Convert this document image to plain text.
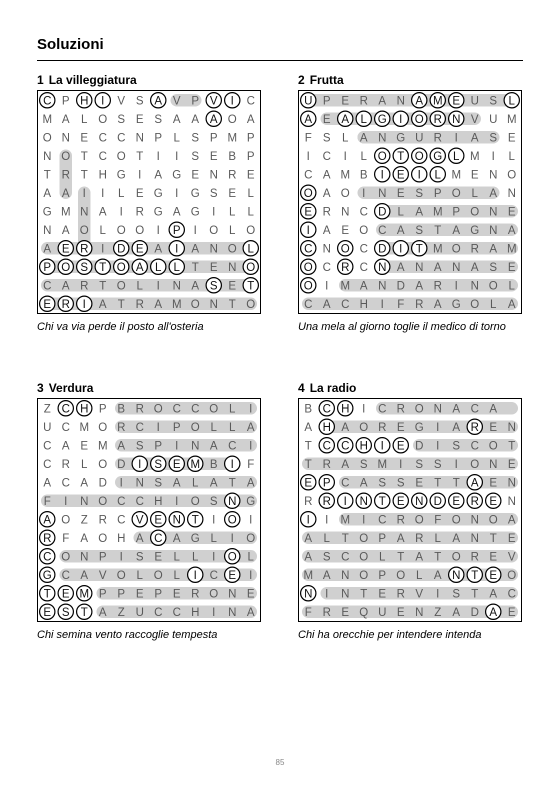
Soluzioni
1 La villeggiatura
C P H I V S A V P V I C
M A L O S E S A A A O A
O N E C C N P L S P M P
N O T C O T I I S E B P
T R T H G I A G E N R E
A A I I L E G I G S E L
G M N A I R G A G I L L
N A O L O O I P I O L O
A E R I D E A I A N O L
P O S T O A L L T E N O
C A R T O L I N A S E T
E R I A T R A M O N T O
Chi va via perde il posto all'osteria
2 Frutta
U P E R A N A M E U S L
A E A L G I O R N V U M
F S L A N G U R I A S E
I C I L O T O G L M I L
C A M B I E I L M E N O
O A O I N E S P O L A N
E R N C D L A M P O N E
I A E O C A S T A G N A
C N O C D I T M O R A M
O C R C N A N A N A S E
O I M A N D A R I N O L
C A C H I F R A G O L A
Una mela al giorno toglie il medico di torno
3 Verdura
Z C H P B R O C C O L I
U C M O R C I P O L L A
C A E M A S P I N A C I
C R L O D I S E M B I F
A C A D I N S A L A T A
F I N O C C H I O S N G
A O Z R C V E N T I O I
R F A O H A C A G L I O
C O N P I S E L L I O L
G C A V O L O L I C E I
T E M P P E P E R O N E
E S T A Z U C C H I N A
Chi semina vento raccoglie tempesta
4 La radio
B C H I C R O N A C A
A H A O R E G I A R E N
T C C H I E D I S C O T
T R A S M I S S I O N E
E P C A S S E T T A E N
R R I N T E N D E R E N
I I M I C R O F O N O A
A L T O P A R L A N T E
A S C O L T A T O R E V
M A N O P O L A N T E O
N I N T E R V I S T A C
F R E Q U E N Z A D A E
Chi ha orecchie per intendere intenda
85
